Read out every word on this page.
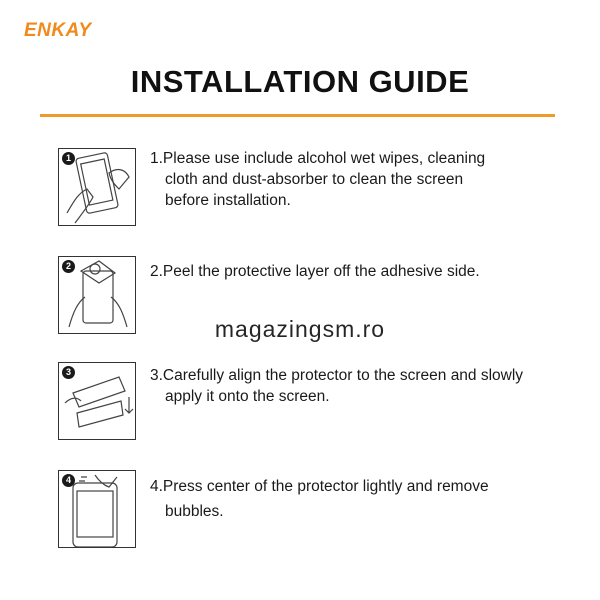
ENKAY
INSTALLATION GUIDE
1	1.Please use include alcohol wet wipes, cleaning
cloth and dust-absorber to clean the screen
before installation.
2	2.Peel the protective layer off the adhesive side.
3	3.Carefully align the protector to the screen and slowly
apply it onto the screen.
4	4.Press center of the protector lightly and remove
bubbles.
magazingsm.ro
